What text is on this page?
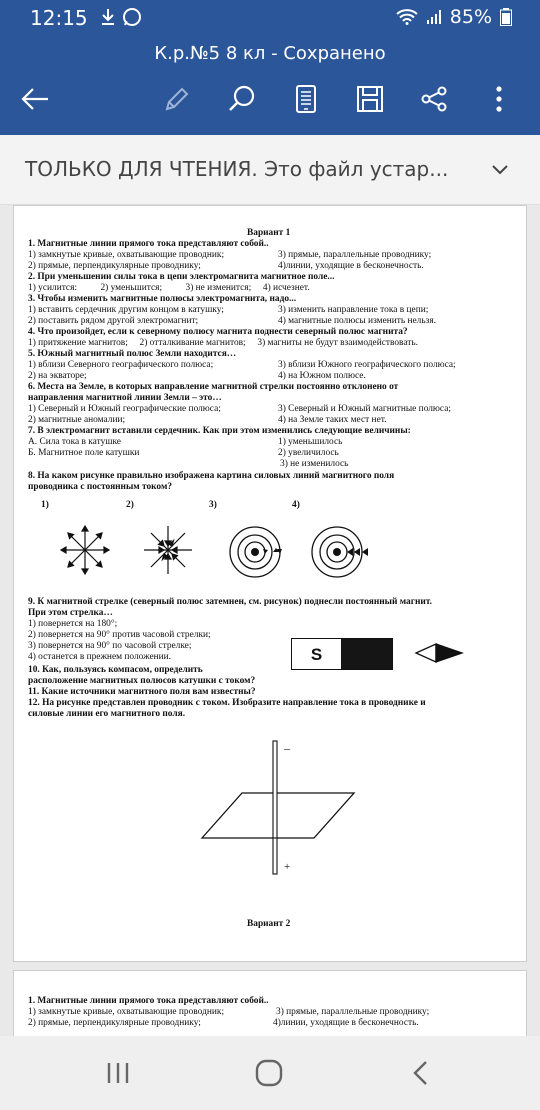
12:15	85%
К.р.№5 8 кл - Сохранено
ТОЛЬКО ДЛЯ ЧТЕНИЯ. Это файл устар...
Вариант 1
1. Магнитные линии прямого тока представляют собой..
1) замкнутые кривые, охватывающие проводник;	3) прямые, параллельные проводнику;
2) прямые, перпендикулярные проводнику;	4)линии, уходящие в бесконечность.
2. При уменьшении силы тока в цепи электромагнита магнитное поле...
1) усилится:          2) уменьшится;          3) не изменится;     4) исчезнет.
3. Чтобы изменить магнитные полюсы электромагнита, надо...
1) вставить сердечник другим концом в катушку;	3) изменить направление тока в цепи;
2) поставить рядом другой электромагнит;	4) магнитные полюсы изменить нельзя.
4. Что произойдет, если к северному полюсу магнита поднести северный полюс магнита?
1) притяжение магнитов;     2) отталкивание магнитов;     3) магниты не будут взаимодействовать.
5. Южный магнитный полюс Земли находится…
1) вблизи Северного географического полюса;	3) вблизи Южного географического полюса;
2) на экваторе;	4) на Южном полюсе.
6. Места на Земле, в которых направление магнитной стрелки постоянно отклонено от
направления магнитной линии Земли – это…
1) Северный и Южный географические полюса;	3) Северный и Южный магнитные полюса;
2) магнитные аномалии;	4) на Земле таких мест нет.
7. В электромагнит вставили сердечник. Как при этом изменились следующие величины:
А. Сила тока в катушке	1) уменьшилось
Б. Магнитное поле катушки	2) увеличилось
3) не изменилось
8. На каком рисунке правильно изображена картина силовых линий магнитного поля
проводника с постоянным током?
1)	2)	3)	4)
9. К магнитной стрелке (северный полюс затемнен, см. рисунок) поднесли постоянный магнит.
При этом стрелка…
1) повернется на 180°;
2) повернется на 90° против часовой стрелки;
3) повернется на 90° по часовой стрелке;
4) останется в прежнем положении.	S
10. Как, пользуясь компасом, определить
расположение магнитных полюсов катушки с током?
11. Какие источники магнитного поля вам известны?
12. На рисунке представлен проводник с током. Изобразите направление тока в проводнике и
силовые линии его магнитного поля.
–
+
Вариант 2
1. Магнитные линии прямого тока представляют собой..
1) замкнутые кривые, охватывающие проводник;	3) прямые, параллельные проводнику;
2) прямые, перпендикулярные проводнику;	4)линии, уходящие в бесконечность.
